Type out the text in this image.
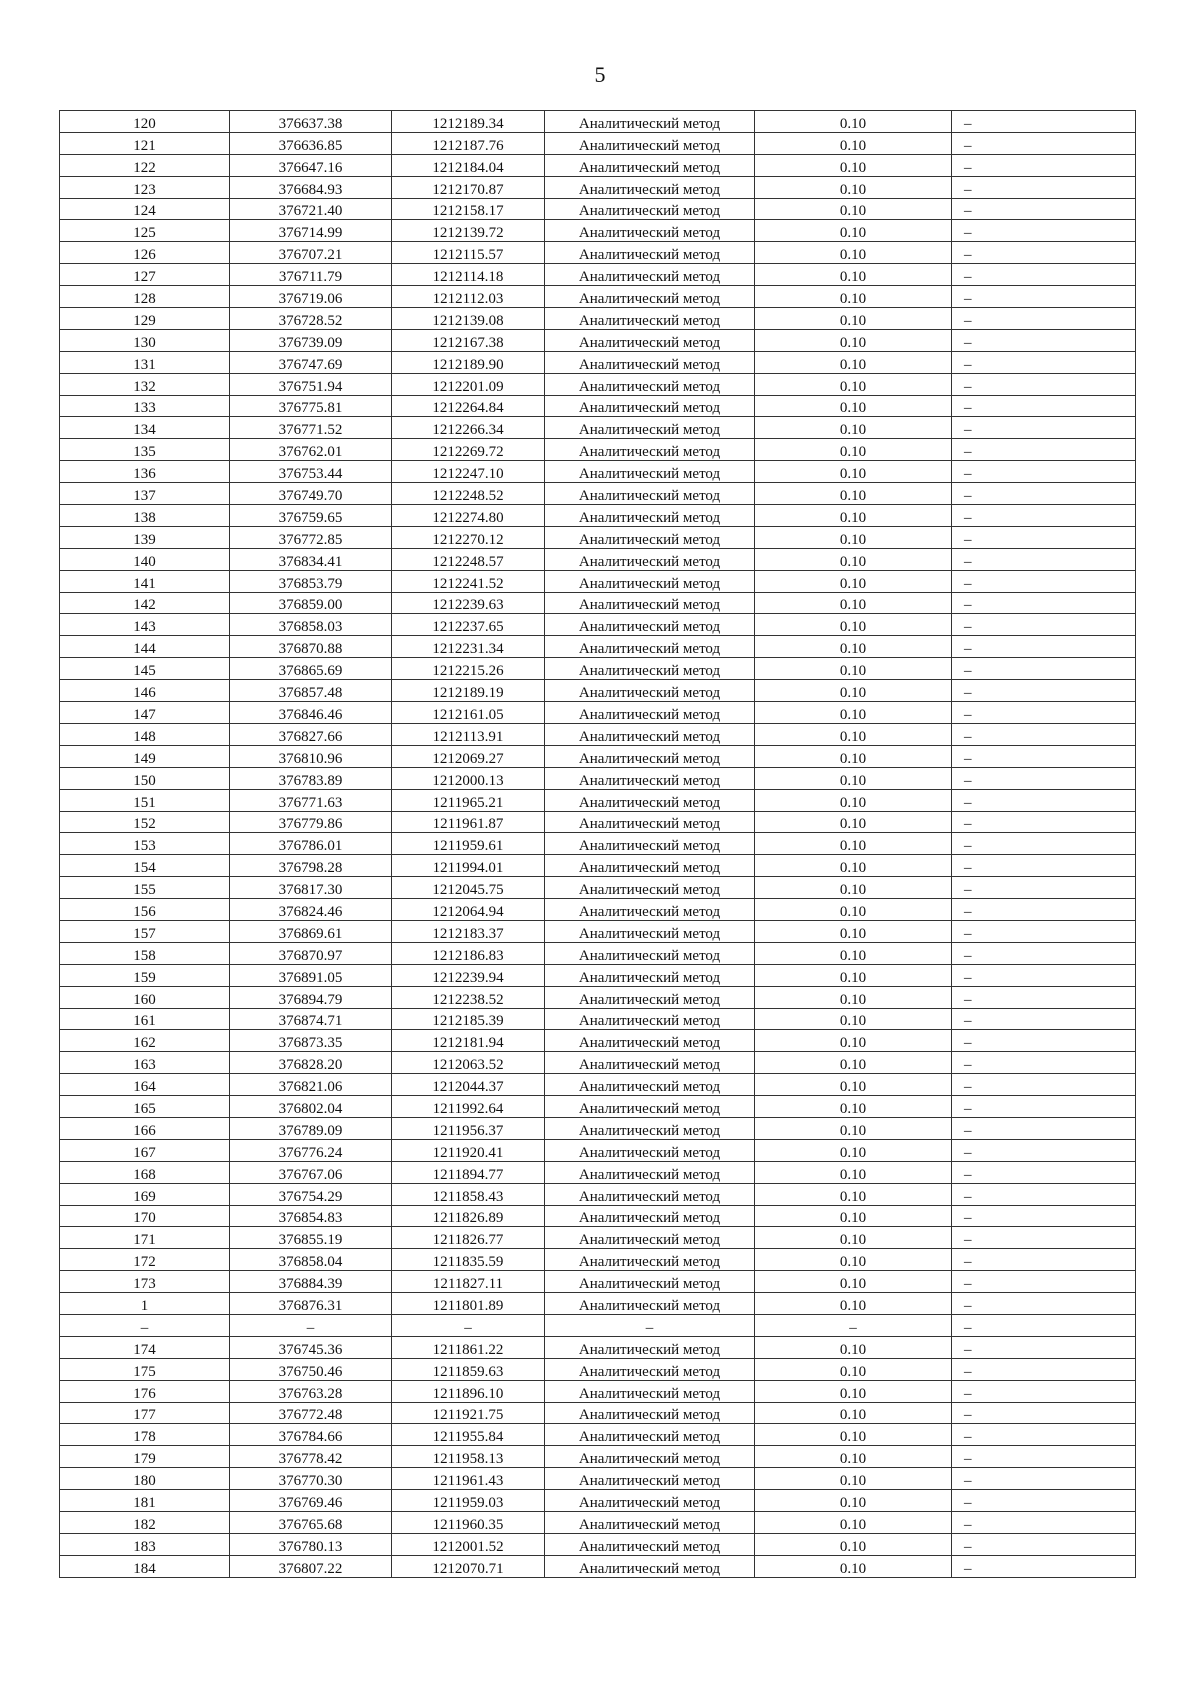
5
120	376637.38	1212189.34	Аналитический метод	0.10	–
121	376636.85	1212187.76	Аналитический метод	0.10	–
122	376647.16	1212184.04	Аналитический метод	0.10	–
123	376684.93	1212170.87	Аналитический метод	0.10	–
124	376721.40	1212158.17	Аналитический метод	0.10	–
125	376714.99	1212139.72	Аналитический метод	0.10	–
126	376707.21	1212115.57	Аналитический метод	0.10	–
127	376711.79	1212114.18	Аналитический метод	0.10	–
128	376719.06	1212112.03	Аналитический метод	0.10	–
129	376728.52	1212139.08	Аналитический метод	0.10	–
130	376739.09	1212167.38	Аналитический метод	0.10	–
131	376747.69	1212189.90	Аналитический метод	0.10	–
132	376751.94	1212201.09	Аналитический метод	0.10	–
133	376775.81	1212264.84	Аналитический метод	0.10	–
134	376771.52	1212266.34	Аналитический метод	0.10	–
135	376762.01	1212269.72	Аналитический метод	0.10	–
136	376753.44	1212247.10	Аналитический метод	0.10	–
137	376749.70	1212248.52	Аналитический метод	0.10	–
138	376759.65	1212274.80	Аналитический метод	0.10	–
139	376772.85	1212270.12	Аналитический метод	0.10	–
140	376834.41	1212248.57	Аналитический метод	0.10	–
141	376853.79	1212241.52	Аналитический метод	0.10	–
142	376859.00	1212239.63	Аналитический метод	0.10	–
143	376858.03	1212237.65	Аналитический метод	0.10	–
144	376870.88	1212231.34	Аналитический метод	0.10	–
145	376865.69	1212215.26	Аналитический метод	0.10	–
146	376857.48	1212189.19	Аналитический метод	0.10	–
147	376846.46	1212161.05	Аналитический метод	0.10	–
148	376827.66	1212113.91	Аналитический метод	0.10	–
149	376810.96	1212069.27	Аналитический метод	0.10	–
150	376783.89	1212000.13	Аналитический метод	0.10	–
151	376771.63	1211965.21	Аналитический метод	0.10	–
152	376779.86	1211961.87	Аналитический метод	0.10	–
153	376786.01	1211959.61	Аналитический метод	0.10	–
154	376798.28	1211994.01	Аналитический метод	0.10	–
155	376817.30	1212045.75	Аналитический метод	0.10	–
156	376824.46	1212064.94	Аналитический метод	0.10	–
157	376869.61	1212183.37	Аналитический метод	0.10	–
158	376870.97	1212186.83	Аналитический метод	0.10	–
159	376891.05	1212239.94	Аналитический метод	0.10	–
160	376894.79	1212238.52	Аналитический метод	0.10	–
161	376874.71	1212185.39	Аналитический метод	0.10	–
162	376873.35	1212181.94	Аналитический метод	0.10	–
163	376828.20	1212063.52	Аналитический метод	0.10	–
164	376821.06	1212044.37	Аналитический метод	0.10	–
165	376802.04	1211992.64	Аналитический метод	0.10	–
166	376789.09	1211956.37	Аналитический метод	0.10	–
167	376776.24	1211920.41	Аналитический метод	0.10	–
168	376767.06	1211894.77	Аналитический метод	0.10	–
169	376754.29	1211858.43	Аналитический метод	0.10	–
170	376854.83	1211826.89	Аналитический метод	0.10	–
171	376855.19	1211826.77	Аналитический метод	0.10	–
172	376858.04	1211835.59	Аналитический метод	0.10	–
173	376884.39	1211827.11	Аналитический метод	0.10	–
1	376876.31	1211801.89	Аналитический метод	0.10	–
–	–	–	–	–	–
174	376745.36	1211861.22	Аналитический метод	0.10	–
175	376750.46	1211859.63	Аналитический метод	0.10	–
176	376763.28	1211896.10	Аналитический метод	0.10	–
177	376772.48	1211921.75	Аналитический метод	0.10	–
178	376784.66	1211955.84	Аналитический метод	0.10	–
179	376778.42	1211958.13	Аналитический метод	0.10	–
180	376770.30	1211961.43	Аналитический метод	0.10	–
181	376769.46	1211959.03	Аналитический метод	0.10	–
182	376765.68	1211960.35	Аналитический метод	0.10	–
183	376780.13	1212001.52	Аналитический метод	0.10	–
184	376807.22	1212070.71	Аналитический метод	0.10	–
